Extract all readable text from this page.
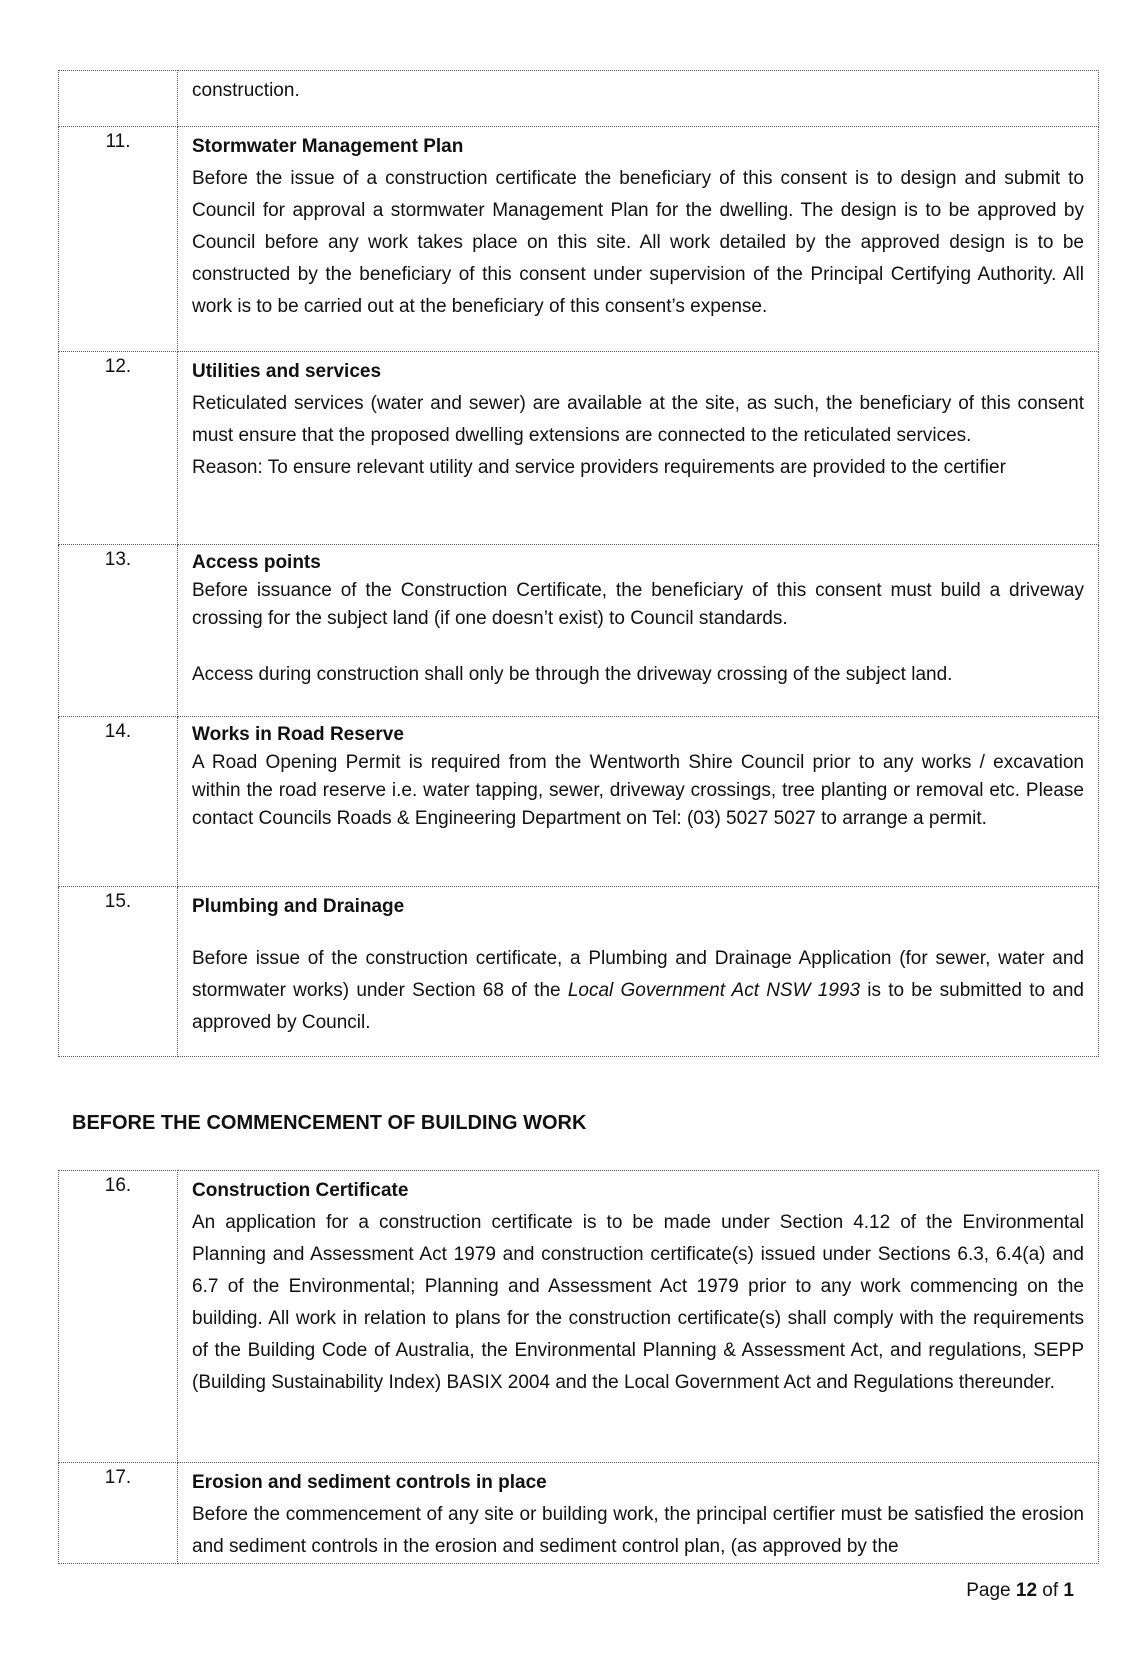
	construction.

11.	Stormwater Management Plan

Before the issue of a construction certificate the beneficiary of this consent is to design and submit to Council for approval a stormwater Management Plan for the dwelling. The design is to be approved by Council before any work takes place on this site. All work detailed by the approved design is to be constructed by the beneficiary of this consent under supervision of the Principal Certifying Authority. All work is to be carried out at the beneficiary of this consent’s expense.

12.	Utilities and services

Reticulated services (water and sewer) are available at the site, as such, the beneficiary of this consent must ensure that the proposed dwelling extensions are connected to the reticulated services.

Reason: To ensure relevant utility and service providers requirements are provided to the certifier

13.	Access points

Before issuance of the Construction Certificate, the beneficiary of this consent must build a driveway crossing for the subject land (if one doesn’t exist) to Council standards.

Access during construction shall only be through the driveway crossing of the subject land.

14.	Works in Road Reserve

A Road Opening Permit is required from the Wentworth Shire Council prior to any works / excavation within the road reserve i.e. water tapping, sewer, driveway crossings, tree planting or removal etc. Please contact Councils Roads & Engineering Department on Tel: (03) 5027 5027 to arrange a permit.

15.	Plumbing and Drainage

Before issue of the construction certificate, a Plumbing and Drainage Application (for sewer, water and stormwater works) under Section 68 of the Local Government Act NSW 1993 is to be submitted to and approved by Council.

BEFORE THE COMMENCEMENT OF BUILDING WORK
16.	Construction Certificate

An application for a construction certificate is to be made under Section 4.12 of the Environmental Planning and Assessment Act 1979 and construction certificate(s) issued under Sections 6.3, 6.4(a) and 6.7 of the Environmental; Planning and Assessment Act 1979 prior to any work commencing on the building. All work in relation to plans for the construction certificate(s) shall comply with the requirements of the Building Code of Australia, the Environmental Planning & Assessment Act, and regulations, SEPP (Building Sustainability Index) BASIX 2004 and the Local Government Act and Regulations thereunder.

17.	Erosion and sediment controls in place

Before the commencement of any site or building work, the principal certifier must be satisfied the erosion and sediment controls in the erosion and sediment control plan, (as approved by the

Page 12 of 1
